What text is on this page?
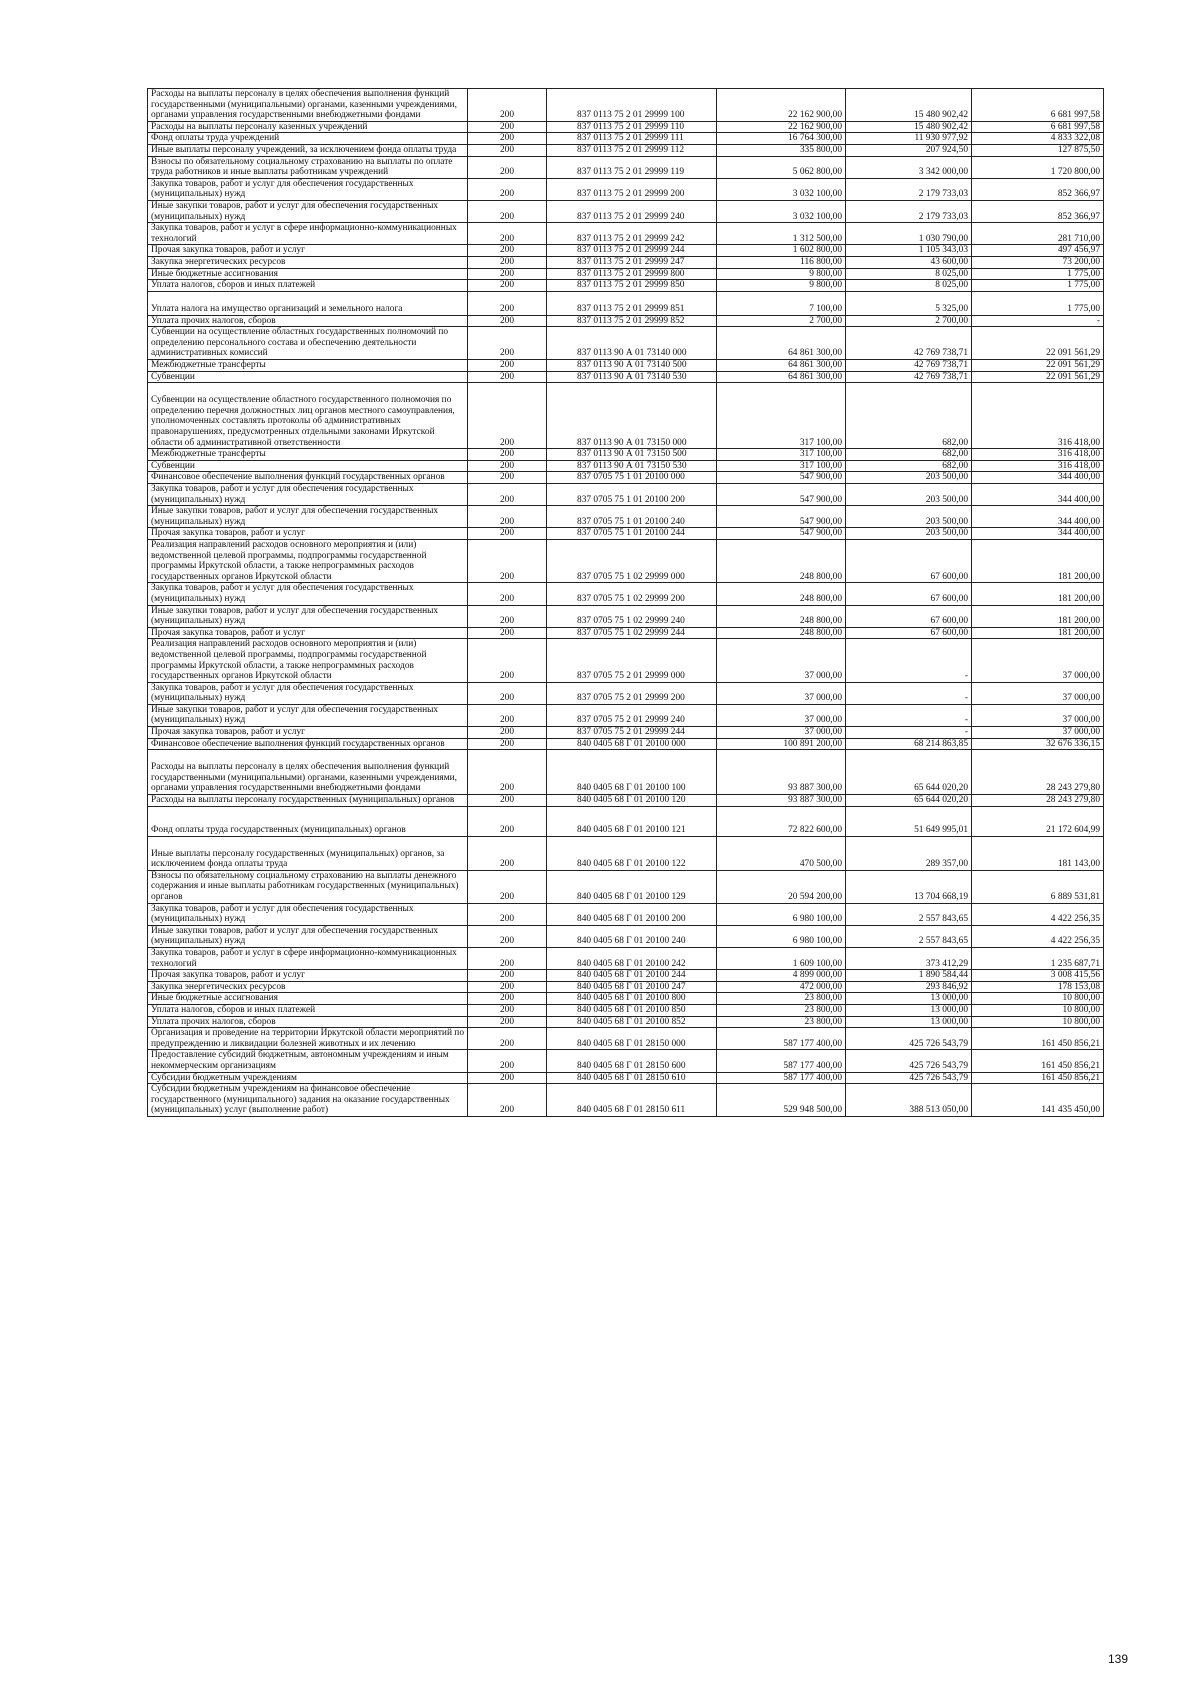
Расходы на выплаты персоналу в целях обеспечения выполнения функций государственными (муниципальными) органами, казенными учреждениями, органами управления государственными внебюджетными фондами	200	837 0113 75 2 01 29999 100	22 162 900,00	15 480 902,42	6 681 997,58
Расходы на выплаты персоналу казенных учреждений	200	837 0113 75 2 01 29999 110	22 162 900,00	15 480 902,42	6 681 997,58
Фонд оплаты труда учреждений	200	837 0113 75 2 01 29999 111	16 764 300,00	11 930 977,92	4 833 322,08
Иные выплаты персоналу учреждений, за исключением фонда оплаты труда	200	837 0113 75 2 01 29999 112	335 800,00	207 924,50	127 875,50
Взносы по обязательному социальному страхованию на выплаты по оплате труда работников и иные выплаты работникам учреждений	200	837 0113 75 2 01 29999 119	5 062 800,00	3 342 000,00	1 720 800,00
Закупка товаров, работ и услуг для обеспечения государственных (муниципальных) нужд	200	837 0113 75 2 01 29999 200	3 032 100,00	2 179 733,03	852 366,97
Иные закупки товаров, работ и услуг для обеспечения государственных (муниципальных) нужд	200	837 0113 75 2 01 29999 240	3 032 100,00	2 179 733,03	852 366,97
Закупка товаров, работ и услуг в сфере информационно-коммуникационных технологий	200	837 0113 75 2 01 29999 242	1 312 500,00	1 030 790,00	281 710,00
Прочая закупка товаров, работ и услуг	200	837 0113 75 2 01 29999 244	1 602 800,00	1 105 343,03	497 456,97
Закупка энергетических ресурсов	200	837 0113 75 2 01 29999 247	116 800,00	43 600,00	73 200,00
Иные бюджетные ассигнования	200	837 0113 75 2 01 29999 800	9 800,00	8 025,00	1 775,00
Уплата налогов, сборов и иных платежей	200	837 0113 75 2 01 29999 850	9 800,00	8 025,00	1 775,00
Уплата налога на имущество организаций и земельного налога	200	837 0113 75 2 01 29999 851	7 100,00	5 325,00	1 775,00
Уплата прочих налогов, сборов	200	837 0113 75 2 01 29999 852	2 700,00	2 700,00	-
Субвенции на осуществление областных государственных полномочий по определению персонального состава и обеспечению деятельности административных комиссий	200	837 0113 90 А 01 73140 000	64 861 300,00	42 769 738,71	22 091 561,29
Межбюджетные трансферты	200	837 0113 90 А 01 73140 500	64 861 300,00	42 769 738,71	22 091 561,29
Субвенции	200	837 0113 90 А 01 73140 530	64 861 300,00	42 769 738,71	22 091 561,29
Субвенции на осуществление областного государственного полномочия по определению перечня должностных лиц органов местного самоуправления, уполномоченных составлять протоколы об административных правонарушениях, предусмотренных отдельными законами Иркутской области об административной ответственности	200	837 0113 90 А 01 73150 000	317 100,00	682,00	316 418,00
Межбюджетные трансферты	200	837 0113 90 А 01 73150 500	317 100,00	682,00	316 418,00
Субвенции	200	837 0113 90 А 01 73150 530	317 100,00	682,00	316 418,00
Финансовое обеспечение выполнения функций государственных органов	200	837 0705 75 1 01 20100 000	547 900,00	203 500,00	344 400,00
Закупка товаров, работ и услуг для обеспечения государственных (муниципальных) нужд	200	837 0705 75 1 01 20100 200	547 900,00	203 500,00	344 400,00
Иные закупки товаров, работ и услуг для обеспечения государственных (муниципальных) нужд	200	837 0705 75 1 01 20100 240	547 900,00	203 500,00	344 400,00
Прочая закупка товаров, работ и услуг	200	837 0705 75 1 01 20100 244	547 900,00	203 500,00	344 400,00
Реализация направлений расходов основного мероприятия и (или) ведомственной целевой программы, подпрограммы государственной программы Иркутской области, а также непрограммных расходов государственных органов Иркутской области	200	837 0705 75 1 02 29999 000	248 800,00	67 600,00	181 200,00
Закупка товаров, работ и услуг для обеспечения государственных (муниципальных) нужд	200	837 0705 75 1 02 29999 200	248 800,00	67 600,00	181 200,00
Иные закупки товаров, работ и услуг для обеспечения государственных (муниципальных) нужд	200	837 0705 75 1 02 29999 240	248 800,00	67 600,00	181 200,00
Прочая закупка товаров, работ и услуг	200	837 0705 75 1 02 29999 244	248 800,00	67 600,00	181 200,00
Реализация направлений расходов основного мероприятия и (или) ведомственной целевой программы, подпрограммы государственной программы Иркутской области, а также непрограммных расходов государственных органов Иркутской области	200	837 0705 75 2 01 29999 000	37 000,00	-	37 000,00
Закупка товаров, работ и услуг для обеспечения государственных (муниципальных) нужд	200	837 0705 75 2 01 29999 200	37 000,00	-	37 000,00
Иные закупки товаров, работ и услуг для обеспечения государственных (муниципальных) нужд	200	837 0705 75 2 01 29999 240	37 000,00	-	37 000,00
Прочая закупка товаров, работ и услуг	200	837 0705 75 2 01 29999 244	37 000,00	-	37 000,00
Финансовое обеспечение выполнения функций государственных органов	200	840 0405 68 Г 01 20100 000	100 891 200,00	68 214 863,85	32 676 336,15
Расходы на выплаты персоналу в целях обеспечения выполнения функций государственными (муниципальными) органами, казенными учреждениями, органами управления государственными внебюджетными фондами	200	840 0405 68 Г 01 20100 100	93 887 300,00	65 644 020,20	28 243 279,80
Расходы на выплаты персоналу государственных (муниципальных) органов	200	840 0405 68 Г 01 20100 120	93 887 300,00	65 644 020,20	28 243 279,80
Фонд оплаты труда государственных (муниципальных) органов	200	840 0405 68 Г 01 20100 121	72 822 600,00	51 649 995,01	21 172 604,99
Иные выплаты персоналу государственных (муниципальных) органов, за исключением фонда оплаты труда	200	840 0405 68 Г 01 20100 122	470 500,00	289 357,00	181 143,00
Взносы по обязательному социальному страхованию на выплаты денежного содержания и иные выплаты работникам государственных (муниципальных) органов	200	840 0405 68 Г 01 20100 129	20 594 200,00	13 704 668,19	6 889 531,81
Закупка товаров, работ и услуг для обеспечения государственных (муниципальных) нужд	200	840 0405 68 Г 01 20100 200	6 980 100,00	2 557 843,65	4 422 256,35
Иные закупки товаров, работ и услуг для обеспечения государственных (муниципальных) нужд	200	840 0405 68 Г 01 20100 240	6 980 100,00	2 557 843,65	4 422 256,35
Закупка товаров, работ и услуг в сфере информационно-коммуникационных технологий	200	840 0405 68 Г 01 20100 242	1 609 100,00	373 412,29	1 235 687,71
Прочая закупка товаров, работ и услуг	200	840 0405 68 Г 01 20100 244	4 899 000,00	1 890 584,44	3 008 415,56
Закупка энергетических ресурсов	200	840 0405 68 Г 01 20100 247	472 000,00	293 846,92	178 153,08
Иные бюджетные ассигнования	200	840 0405 68 Г 01 20100 800	23 800,00	13 000,00	10 800,00
Уплата налогов, сборов и иных платежей	200	840 0405 68 Г 01 20100 850	23 800,00	13 000,00	10 800,00
Уплата прочих налогов, сборов	200	840 0405 68 Г 01 20100 852	23 800,00	13 000,00	10 800,00
Организация и проведение на территории Иркутской области мероприятий по предупреждению и ликвидации болезней животных и их лечению	200	840 0405 68 Г 01 28150 000	587 177 400,00	425 726 543,79	161 450 856,21
Предоставление субсидий бюджетным, автономным учреждениям и иным некоммерческим организациям	200	840 0405 68 Г 01 28150 600	587 177 400,00	425 726 543,79	161 450 856,21
Субсидии бюджетным учреждениям	200	840 0405 68 Г 01 28150 610	587 177 400,00	425 726 543,79	161 450 856,21
Субсидии бюджетным учреждениям на финансовое обеспечение государственного (муниципального) задания на оказание государственных (муниципальных) услуг (выполнение работ)	200	840 0405 68 Г 01 28150 611	529 948 500,00	388 513 050,00	141 435 450,00
139
